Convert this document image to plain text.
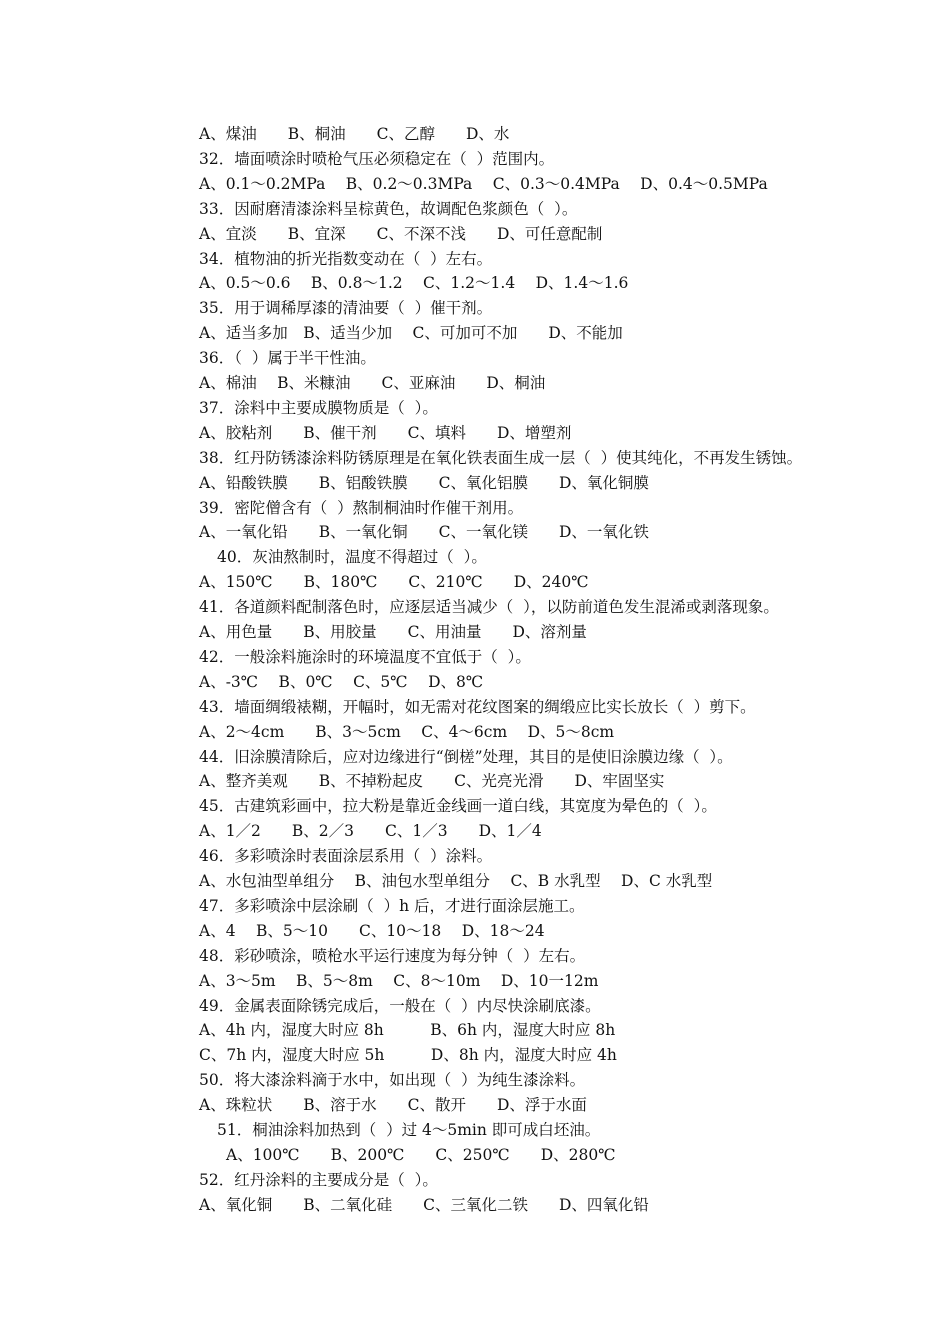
A、煤油　　B、桐油　　C、乙醇　　D、水
32．墙面喷涂时喷枪气压必须稳定在（  ）范围内。
A、0.1～0.2MPa　 B、0.2～0.3MPa　 C、0.3～0.4MPa　 D、0.4～0.5MPa
33．因耐磨清漆涂料呈棕黄色，故调配色浆颜色（  ）。
A、宜淡　　B、宜深　　C、不深不浅　　D、可任意配制
34．植物油的折光指数变动在（  ）左右。
A、0.5～0.6　 B、0.8～1.2　 C、1.2～1.4　 D、1.4～1.6
35．用于调稀厚漆的清油要（  ）催干剂。
A、适当多加　B、适当少加　 C、可加可不加　　D、不能加
36．（  ）属于半干性油。
A、棉油　 B、米糠油　　C、亚麻油　　D、桐油
37．涂料中主要成膜物质是（  ）。
A、胶粘剂　　B、催干剂　　C、填料　　D、增塑剂
38．红丹防锈漆涂料防锈原理是在氧化铁表面生成一层（  ）使其纯化，不再发生锈蚀。
A、铅酸铁膜　　B、铝酸铁膜　　C、氧化铝膜　　D、氧化铜膜
39．密陀僧含有（  ）熬制桐油时作催干剂用。
A、一氧化铅　　B、一氧化铜　　C、一氧化镁　　D、一氧化铁
40．灰油熬制时，温度不得超过（  ）。
A、150℃　　B、180℃　　C、210℃　　D、240℃
41．各道颜料配制落色时，应逐层适当减少（  ），以防前道色发生混浠或剥落现象。
A、用色量　　B、用胶量　　C、用油量　　D、溶剂量
42．一般涂料施涂时的环境温度不宜低于（  ）。
A、-3℃　 B、0℃　 C、5℃　 D、8℃
43．墙面绸缎裱糊，开幅时，如无需对花纹图案的绸缎应比实长放长（  ）剪下。
A、2～4cm　　B、3～5cm　 C、4～6cm　 D、5～8cm
44．旧涂膜清除后，应对边缘进行“倒槎”处理，其目的是使旧涂膜边缘（  ）。
A、整齐美观　　B、不掉粉起皮　　C、光亮光滑　　D、牢固坚实
45．古建筑彩画中，拉大粉是靠近金线画一道白线，其宽度为晕色的（  ）。
A、1／2　　B、2／3　　C、1／3　　D、1／4
46．多彩喷涂时表面涂层系用（  ）涂料。
A、水包油型单组分　 B、油包水型单组分　 C、B 水乳型　 D、C 水乳型
47．多彩喷涂中层涂刷（  ）h 后，才进行面涂层施工。
A、4　 B、5～10　　C、10～18　 D、18～24
48．彩砂喷涂，喷枪水平运行速度为每分钟（  ）左右。
A、3～5m　 B、5～8m　 C、8～10m　 D、10一12m
49．金属表面除锈完成后，一般在（  ）内尽快涂刷底漆。
A、4h 内，湿度大时应 8h　　　B、6h 内，湿度大时应 8h
C、7h 内，湿度大时应 5h　　　D、8h 内，湿度大时应 4h
50．将大漆涂料滴于水中，如出现（  ）为纯生漆涂料。
A、珠粒状　　B、溶于水　　C、散开　　D、浮于水面
51．桐油涂料加热到（  ）过 4～5min 即可成白坯油。
A、100℃　　B、200℃　　C、250℃　　D、280℃
52．红丹涂料的主要成分是（  ）。
A、氧化铜　　B、二氧化硅　　C、三氧化二铁　　D、四氧化铅
